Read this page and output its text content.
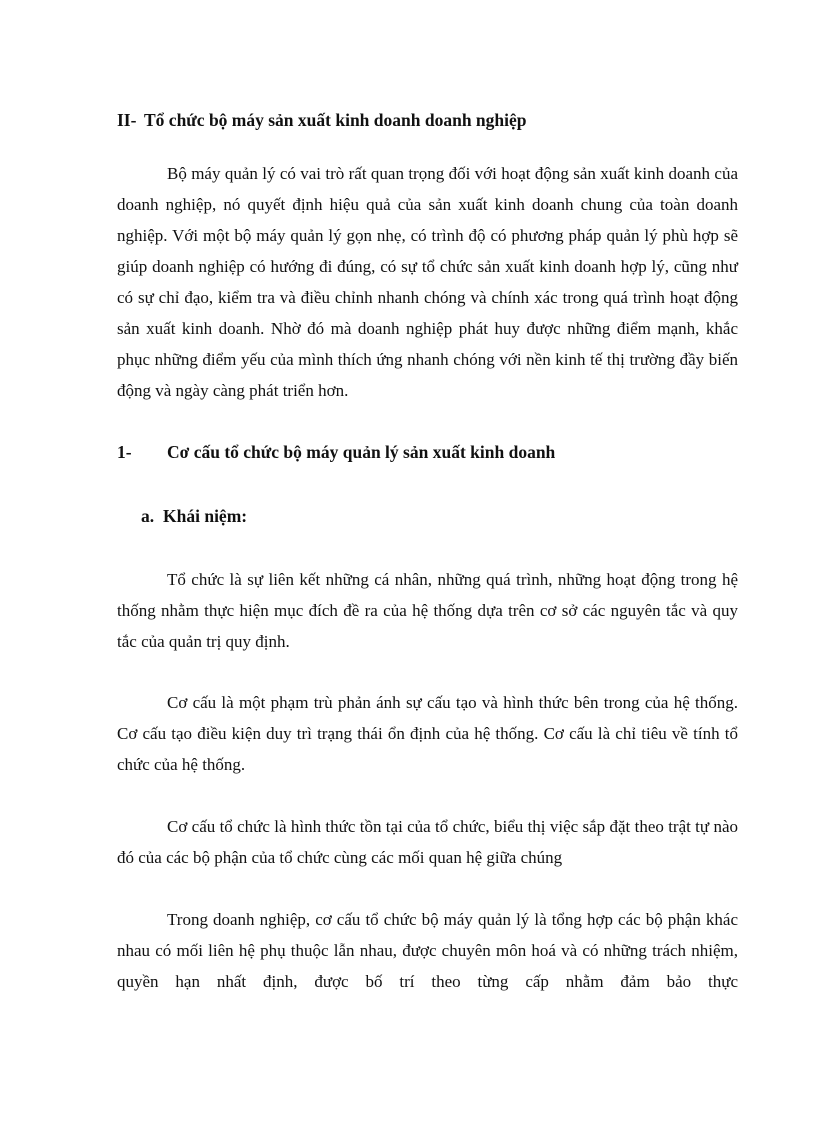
II- Tổ chức bộ máy sản xuất kinh doanh doanh nghiệp

Bộ máy quản lý có vai trò rất quan trọng đối với hoạt động sản xuất kinh doanh của doanh nghiệp, nó quyết định hiệu quả của sản xuất kinh doanh chung của toàn doanh nghiệp. Với một bộ máy quản lý gọn nhẹ, có trình độ có phương pháp quản lý phù hợp sẽ giúp doanh nghiệp có hướng đi đúng, có sự tổ chức sản xuất kinh doanh hợp lý, cũng như có sự chỉ đạo, kiểm tra và điều chỉnh nhanh chóng và chính xác trong quá trình hoạt động sản xuất kinh doanh. Nhờ đó mà doanh nghiệp phát huy được những điểm mạnh, khắc phục những điểm yếu của mình thích ứng nhanh chóng với nền kinh tế thị trường đầy biến động và ngày càng phát triển hơn.

1- Cơ cấu tổ chức bộ máy quản lý sản xuất kinh doanh
a. Khái niệm:

Tổ chức là sự liên kết những cá nhân, những quá trình, những hoạt động trong hệ thống nhằm thực hiện mục đích đề ra của hệ thống dựa trên cơ sở các nguyên tắc và quy tắc của quản trị quy định.

Cơ cấu là một phạm trù phản ánh sự cấu tạo và hình thức bên trong của hệ thống. Cơ cấu tạo điều kiện duy trì trạng thái ổn định của hệ thống. Cơ cấu là chỉ tiêu về tính tổ chức của hệ thống.

Cơ cấu tổ chức là hình thức tồn tại của tổ chức, biểu thị việc sắp đặt theo trật tự nào đó của các bộ phận của tổ chức cùng các mối quan hệ giữa chúng

Trong doanh nghiệp, cơ cấu tổ chức bộ máy quản lý là tổng hợp các bộ phận khác nhau có mối liên hệ phụ thuộc lẫn nhau, được chuyên môn hoá và có những trách nhiệm, quyền hạn nhất định, được bố trí theo từng cấp nhằm đảm bảo thực
